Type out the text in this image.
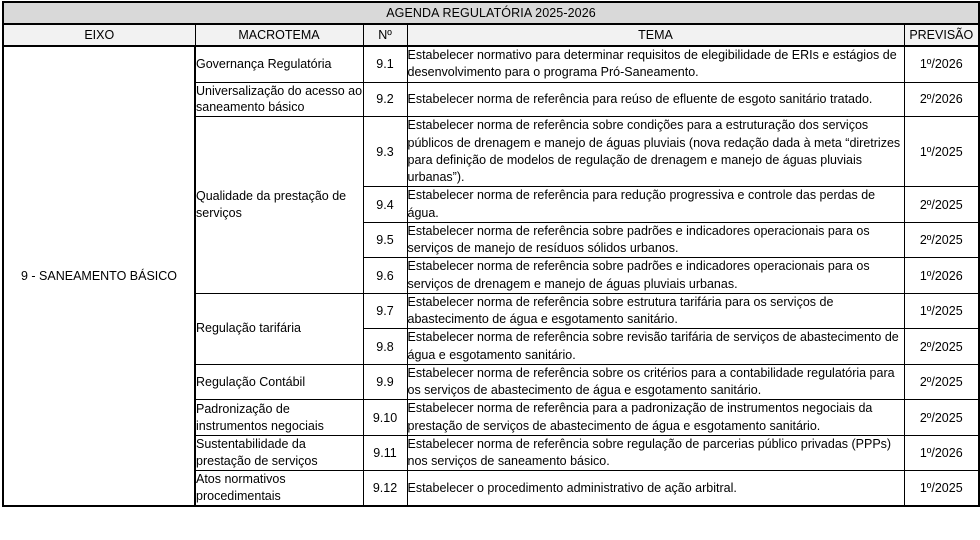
AGENDA REGULATÓRIA 2025-2026				
EIXO	MACROTEMA	Nº	TEMA	PREVISÃO
9 - SANEAMENTO BÁSICO	Governança Regulatória	9.1	Estabelecer normativo para determinar requisitos de elegibilidade de ERIs e estágios de desenvolvimento para o programa Pró-Saneamento.	1º/2026
	Universalização do acesso ao saneamento básico	9.2	Estabelecer norma de referência para reúso de efluente de esgoto sanitário tratado.	2º/2026
	Qualidade da prestação de serviços	9.3	Estabelecer norma de referência sobre condições para a estruturação dos serviços públicos de drenagem e manejo de águas pluviais (nova redação dada à meta “diretrizes para definição de modelos de regulação de drenagem e manejo de águas pluviais urbanas”).	1º/2025
		9.4	Estabelecer norma de referência para redução progressiva e controle das perdas de água.	2º/2025
		9.5	Estabelecer norma de referência sobre padrões e indicadores operacionais para os serviços de manejo de resíduos sólidos urbanos.	2º/2025
		9.6	Estabelecer norma de referência sobre padrões e indicadores operacionais para os serviços de drenagem e manejo de águas pluviais urbanas.	1º/2026
	Regulação tarifária	9.7	Estabelecer norma de referência sobre estrutura tarifária para os serviços de abastecimento de água e esgotamento sanitário.	1º/2025
		9.8	Estabelecer norma de referência sobre revisão tarifária de serviços de abastecimento de água e esgotamento sanitário.	2º/2025
	Regulação Contábil	9.9	Estabelecer norma de referência sobre os critérios para a contabilidade regulatória para os serviços de abastecimento de água e esgotamento sanitário.	2º/2025
	Padronização de instrumentos negociais	9.10	Estabelecer norma de referência para a padronização de instrumentos negociais da prestação de serviços de abastecimento de água e esgotamento sanitário.	2º/2025
	Sustentabilidade da prestação de serviços	9.11	Estabelecer norma de referência sobre regulação de parcerias público privadas (PPPs) nos serviços de saneamento básico.	1º/2026
	Atos normativos procedimentais	9.12	Estabelecer o procedimento administrativo de ação arbitral.	1º/2025
